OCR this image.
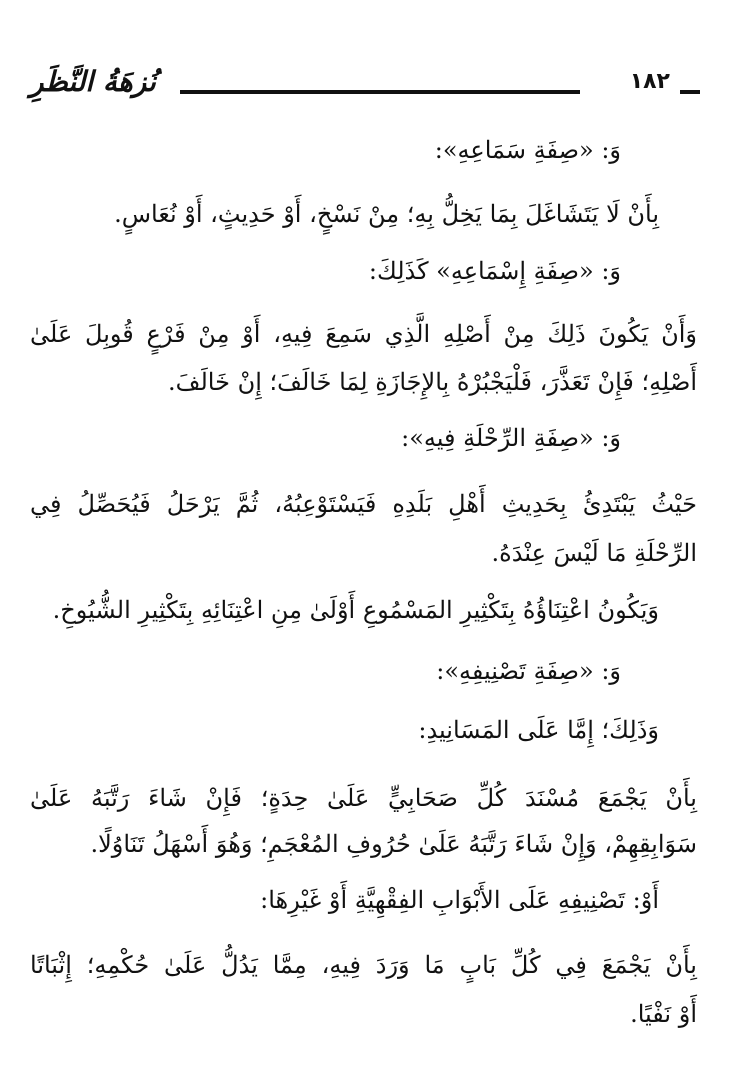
نُزهَةُ النَّظَرِ	١٨٢
وَ: «صِفَةِ سَمَاعِهِ»:
بِأَنْ لَا يَتَشَاغَلَ بِمَا يَخِلُّ بِهِ؛ مِنْ نَسْخٍ، أَوْ حَدِيثٍ، أَوْ نُعَاسٍ.
وَ: «صِفَةِ إِسْمَاعِهِ» كَذَلِكَ:
وَأَنْ يَكُونَ ذَلِكَ مِنْ أَصْلِهِ الَّذِي سَمِعَ فِيهِ، أَوْ مِنْ فَرْعٍ قُوبِلَ عَلَىٰ
أَصْلِهِ؛ فَإِنْ تَعَذَّرَ، فَلْيَجْبُرْهُ بِالإِجَازَةِ لِمَا خَالَفَ؛ إِنْ خَالَفَ.
وَ: «صِفَةِ الرِّحْلَةِ فِيهِ»:
حَيْثُ يَبْتَدِئُ بِحَدِيثِ أَهْلِ بَلَدِهِ فَيَسْتَوْعِبُهُ، ثُمَّ يَرْحَلُ فَيُحَصِّلُ فِي
الرِّحْلَةِ مَا لَيْسَ عِنْدَهُ.
وَيَكُونُ اعْتِنَاؤُهُ بِتَكْثِيرِ المَسْمُوعِ أَوْلَىٰ مِنِ اعْتِنَائِهِ بِتَكْثِيرِ الشُّيُوخِ.
وَ: «صِفَةِ تَصْنِيفِهِ»:
وَذَلِكَ؛ إِمَّا عَلَى المَسَانِيدِ:
بِأَنْ يَجْمَعَ مُسْنَدَ كُلِّ صَحَابِيٍّ عَلَىٰ حِدَةٍ؛ فَإِنْ شَاءَ رَتَّبَهُ عَلَىٰ
سَوَابِقِهِمْ، وَإِنْ شَاءَ رَتَّبَهُ عَلَىٰ حُرُوفِ المُعْجَمِ؛ وَهُوَ أَسْهَلُ تَنَاوُلًا.
أَوْ: تَصْنِيفِهِ عَلَى الأَبْوَابِ الفِقْهِيَّةِ أَوْ غَيْرِهَا:
بِأَنْ يَجْمَعَ فِي كُلِّ بَابٍ مَا وَرَدَ فِيهِ، مِمَّا يَدُلُّ عَلَىٰ حُكْمِهِ؛ إِثْبَاتًا
أَوْ نَفْيًا.
